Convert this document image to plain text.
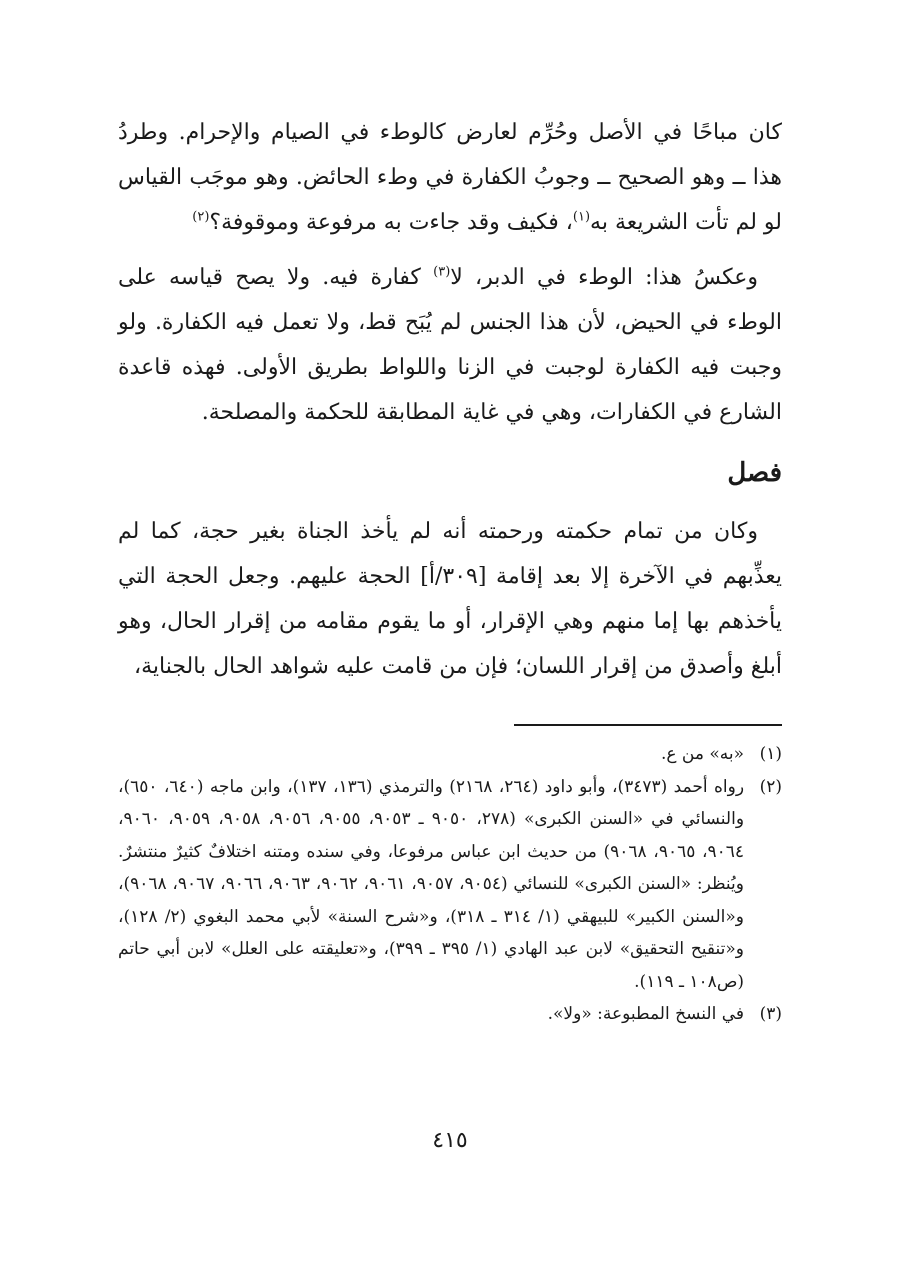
كان مباحًا في الأصل وحُرِّم لعارض كالوطء في الصيام والإحرام. وطردُ هذا ــ وهو الصحيح ــ وجوبُ الكفارة في وطء الحائض. وهو موجَب القياس لو لم تأت الشريعة به$^{(١)}$، فكيف وقد جاءت به مرفوعة وموقوفة؟$^{(٢)}$

وعكسُ هذا: الوطء في الدبر، لا$^{(٣)}$ كفارة فيه. ولا يصح قياسه على الوطء في الحيض، لأن هذا الجنس لم يُبَح قط، ولا تعمل فيه الكفارة. ولو وجبت فيه الكفارة لوجبت في الزنا واللواط بطريق الأولى. فهذه قاعدة الشارع في الكفارات، وهي في غاية المطابقة للحكمة والمصلحة.

فصل

وكان من تمام حكمته ورحمته أنه لم يأخذ الجناة بغير حجة، كما لم يعذِّبهم في الآخرة إلا بعد إقامة [٣٠٩/أ] الحجة عليهم. وجعل الحجة التي يأخذهم بها إما منهم وهي الإقرار، أو ما يقوم مقامه من إقرار الحال، وهو أبلغ وأصدق من إقرار اللسان؛ فإن من قامت عليه شواهد الحال بالجناية،

(١)
«به» من ع.

(٢)
رواه أحمد (٣٤٧٣)، وأبو داود (٢٦٤، ٢١٦٨) والترمذي (١٣٦، ١٣٧)، وابن ماجه (٦٤٠، ٦٥٠)، والنسائي في «السنن الكبرى» (٢٧٨، ٩٠٥٠ ـ ٩٠٥٣، ٩٠٥٥، ٩٠٥٦، ٩٠٥٨، ٩٠٥٩، ٩٠٦٠، ٩٠٦٤، ٩٠٦٥، ٩٠٦٨) من حديث ابن عباس مرفوعا، وفي سنده ومتنه اختلافٌ كثيرٌ منتشرٌ. ويُنظر: «السنن الكبرى» للنسائي (٩٠٥٤، ٩٠٥٧، ٩٠٦١، ٩٠٦٢، ٩٠٦٣، ٩٠٦٦، ٩٠٦٧، ٩٠٦٨)، و«السنن الكبير» للبيهقي (١/ ٣١٤ ـ ٣١٨)، و«شرح السنة» لأبي محمد البغوي (٢/ ١٢٨)، و«تنقيح التحقيق» لابن عبد الهادي (١/ ٣٩٥ ـ ٣٩٩)، و«تعليقته على العلل» لابن أبي حاتم (ص١٠٨ ـ ١١٩).

(٣)
في النسخ المطبوعة: «ولا».

٤١٥
